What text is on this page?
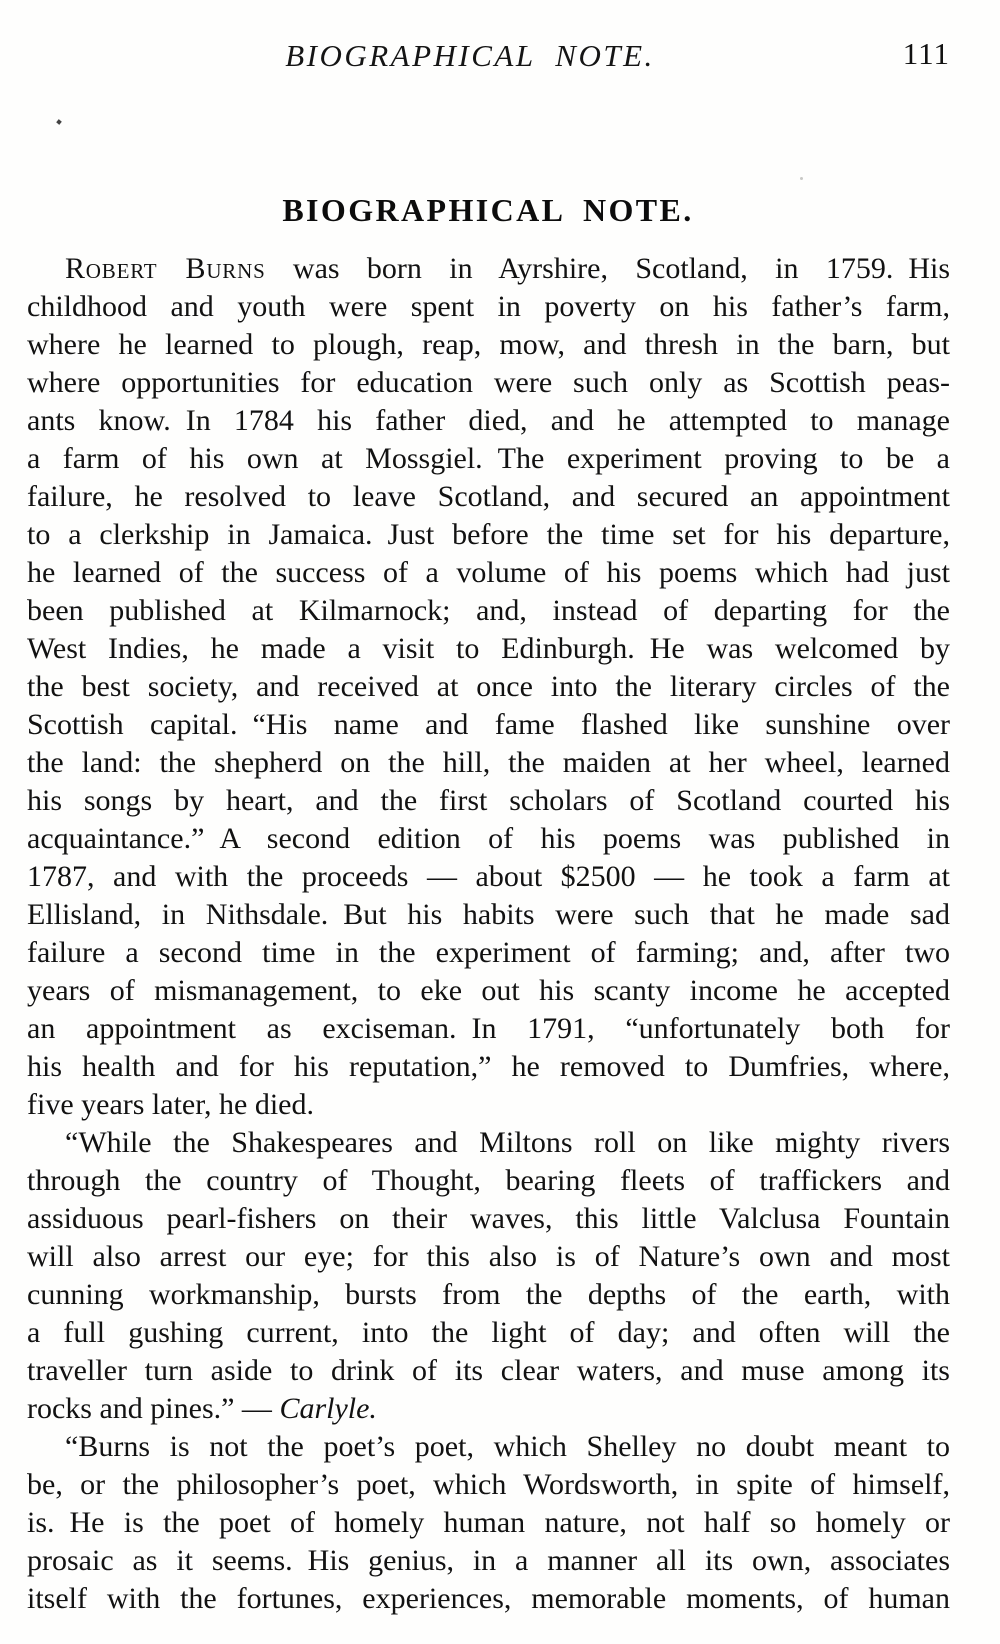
BIOGRAPHICAL NOTE.	111
BIOGRAPHICAL NOTE.
Robert Burns was born in Ayrshire, Scotland, in 1759. His
childhood and youth were spent in poverty on his father’s farm,
where he learned to plough, reap, mow, and thresh in the barn, but
where opportunities for education were such only as Scottish peas-
ants know. In 1784 his father died, and he attempted to manage
a farm of his own at Mossgiel. The experiment proving to be a
failure, he resolved to leave Scotland, and secured an appointment
to a clerkship in Jamaica. Just before the time set for his departure,
he learned of the success of a volume of his poems which had just
been published at Kilmarnock; and, instead of departing for the
West Indies, he made a visit to Edinburgh. He was welcomed by
the best society, and received at once into the literary circles of the
Scottish capital. “His name and fame flashed like sunshine over
the land: the shepherd on the hill, the maiden at her wheel, learned
his songs by heart, and the first scholars of Scotland courted his
acquaintance.” A second edition of his poems was published in
1787, and with the proceeds — about $2500 — he took a farm at
Ellisland, in Nithsdale. But his habits were such that he made sad
failure a second time in the experiment of farming; and, after two
years of mismanagement, to eke out his scanty income he accepted
an appointment as exciseman. In 1791, “unfortunately both for
his health and for his reputation,” he removed to Dumfries, where,
five years later, he died.
“While the Shakespeares and Miltons roll on like mighty rivers
through the country of Thought, bearing fleets of traffickers and
assiduous pearl-fishers on their waves, this little Valclusa Fountain
will also arrest our eye; for this also is of Nature’s own and most
cunning workmanship, bursts from the depths of the earth, with
a full gushing current, into the light of day; and often will the
traveller turn aside to drink of its clear waters, and muse among its
rocks and pines.” — Carlyle.
“Burns is not the poet’s poet, which Shelley no doubt meant to
be, or the philosopher’s poet, which Wordsworth, in spite of himself,
is. He is the poet of homely human nature, not half so homely or
prosaic as it seems. His genius, in a manner all its own, associates
itself with the fortunes, experiences, memorable moments, of human
